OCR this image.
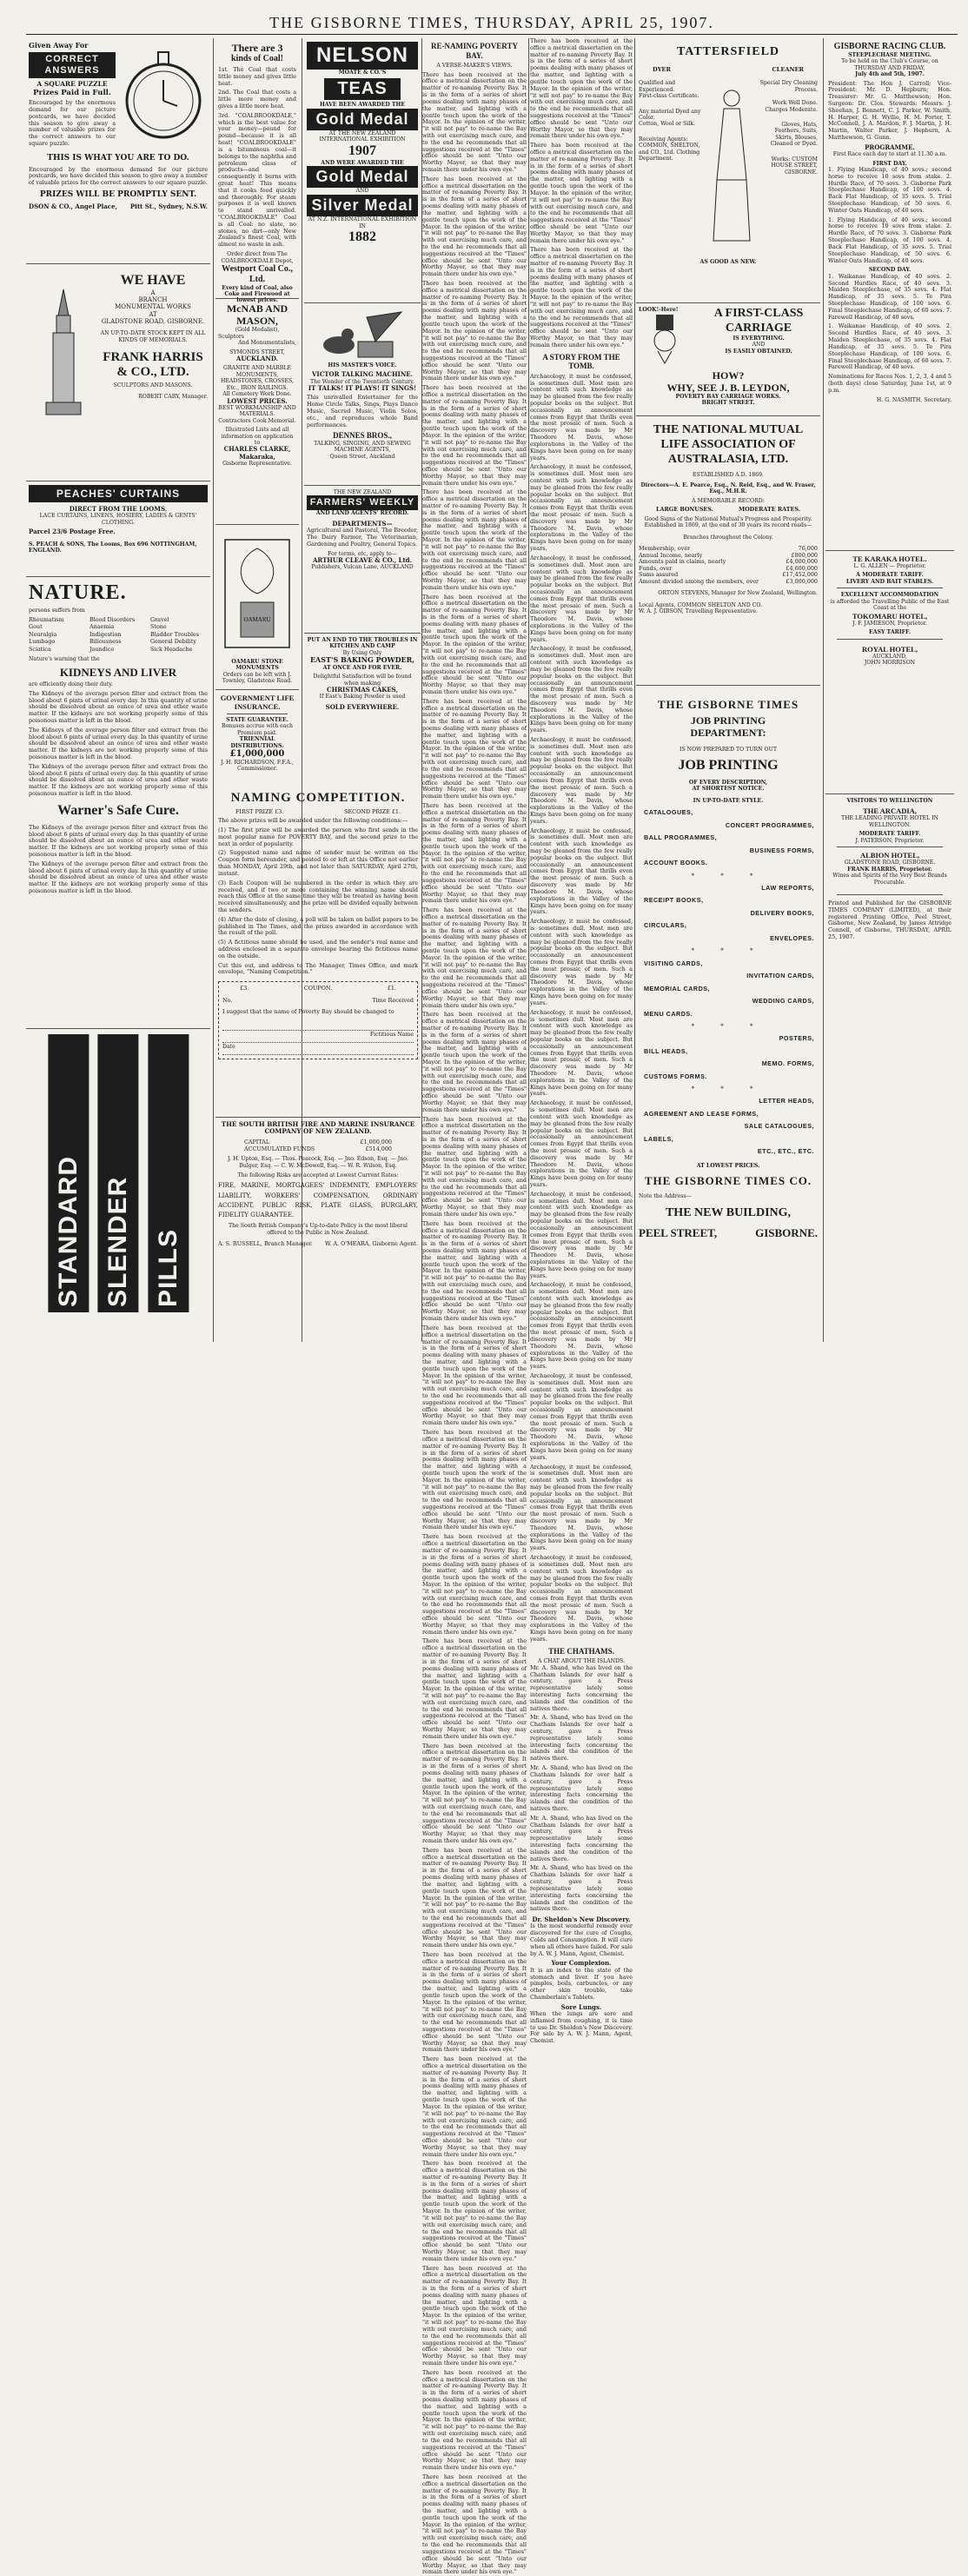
THE GISBORNE TIMES, THURSDAY, APRIL 25, 1907.
Given Away For
CORRECT ANSWERS
A SQUARE PUZZLE
Prizes Paid in Full.
Encouraged by the enormous demand for our picture postcards, we have decided this season to give away a number of valuable prizes for the correct answers to our square puzzle.
THIS IS WHAT YOU ARE TO DO.
Encouraged by the enormous demand for our picture postcards, we have decided this season to give away a number of valuable prizes for the correct answers to our square puzzle.
PRIZES WILL BE PROMPTLY SENT.
DSON & CO., Angel Place, Pitt St., Sydney, N.S.W.
WE HAVE
A
BRANCH
MONUMENTAL WORKS
AT
GLADSTONE ROAD, GISBORNE.
AN UP-TO-DATE STOCK KEPT IN ALL KINDS OF MEMORIALS.
FRANK HARRIS & CO., LTD.
SCULPTORS AND MASONS.
ROBERT CARY, Manager.
PEACHES' CURTAINS
DIRECT FROM THE LOOMS.
LACE CURTAINS, LINENS, HOSIERY, LADIES & GENTS' CLOTHING.
Parcel 23/6 Postage Free.
S. PEACH & SONS, The Looms, Box 696 NOTTINGHAM, ENGLAND.
NATURE.
persons suffers from
Rheumatism	Blood Disorders	Gravel
Gout	Anaemia	Stone
Neuralgia	Indigestion	Bladder Troubles
Lumbago	Biliousness	General Debility
Sciatica	Jaundice	Sick Headache
Nature's warning that the
KIDNEYS AND LIVER
are efficiently doing their duty.
The Kidneys of the average person filter and extract from the blood about 6 pints of urinal every day. In this quantity of urine should be dissolved about an ounce of urea and other waste matter. If the kidneys are not working properly some of this poisonous matter is left in the blood.
The Kidneys of the average person filter and extract from the blood about 6 pints of urinal every day. In this quantity of urine should be dissolved about an ounce of urea and other waste matter. If the kidneys are not working properly some of this poisonous matter is left in the blood.
The Kidneys of the average person filter and extract from the blood about 6 pints of urinal every day. In this quantity of urine should be dissolved about an ounce of urea and other waste matter. If the kidneys are not working properly some of this poisonous matter is left in the blood.
Warner's Safe Cure.
The Kidneys of the average person filter and extract from the blood about 6 pints of urinal every day. In this quantity of urine should be dissolved about an ounce of urea and other waste matter. If the kidneys are not working properly some of this poisonous matter is left in the blood.
The Kidneys of the average person filter and extract from the blood about 6 pints of urinal every day. In this quantity of urine should be dissolved about an ounce of urea and other waste matter. If the kidneys are not working properly some of this poisonous matter is left in the blood.
STANDARD SLENDER PILLS
There are 3
kinds of Coal!
1st. The Coal that costs little money and gives little heat.
2nd. The Coal that costs a little more money and gives a little more heat.
3rd. "COALBROOKDALE," which is the best value for your money—pound for pound—because it is all heat! "COALBROOKDALE" is a bituminous coal—it belongs to the naphtha and petroleum class of products—and consequently it burns with great heat! This means that it cooks food quickly and thoroughly. For steam purposes it is well known to stand unrivalled. "COALBROOKDALE" Coal is all Coal: no slate, no stones, no dirt—only New Zealand's finest Coal, with almost no waste in ash.
Order direct from The COALBROOKDALE Depot,
Westport Coal Co., Ltd.
Every kind of Coal, also Coke and Firewood at lowest prices.
McNAB AND MASON,
(Gold Medalist),
Sculptors
And Monumentalists,
SYMONDS STREET,
AUCKLAND.
GRANITE AND MARBLE MONUMENTS, HEADSTONES, CROSSES, Etc., IRON RAILINGS.
All Cemetery Work Done.
LOWEST PRICES.
BEST WORKMANSHIP AND MATERIALS.
Contractors Cook Memorial.
Illustrated Lists and all information on application to
CHARLES CLARKE, Makaraka,
Gisborne Representative.
OAMARU
OAMARU STONE MONUMENTS
Orders can be left with J. Townley, Gladstone Road.
GOVERNMENT LIFE INSURANCE.
STATE GUARANTEE.
Bonuses accrue with each Premium paid.
TRIENNIAL DISTRIBUTIONS.
£1,000,000
J. H. RICHARDSON, F.F.A., Commissioner.
NELSON
MOATE & CO.'S
TEAS
HAVE BEEN AWARDED THE
Gold Medal
AT THE NEW ZEALAND INTERNATIONAL EXHIBITION
1907
AND WERE AWARDED THE
Gold Medal
AND
Silver Medal
AT N.Z. INTERNATIONAL EXHIBITION IN
1882
HIS MASTER'S VOICE.
VICTOR TALKING MACHINE.
The Wonder of the Twentieth Century.
IT TALKS! IT PLAYS! IT SINGS!
This unrivalled Entertainer for the Home Circle Talks, Sings, Plays Dance Music, Sacred Music, Violin Solos, etc., and reproduces whole Band performances.
DENNES BROS.,
TALKING, SINGING, AND SEWING MACHINE AGENTS,
Queen Street, Auckland
THE NEW ZEALAND
FARMERS' WEEKLY
AND LAND AGENTS' RECORD.
DEPARTMENTS—
Agricultural and Pastoral, The Breeder, The Dairy Farmer, The Veterinarian, Gardening and Poultry, General Topics.
For terms, etc, apply to—
ARTHUR CLEAVE & CO., Ltd.
Publishers, Vulcan Lane, AUCKLAND
PUT AN END TO THE TROUBLES IN KITCHEN AND CAMP
By Using Only
EAST'S BAKING POWDER,
AT ONCE AND FOR EVER.
Delightful Satisfaction will be found when making
CHRISTMAS CAKES,
If East's Baking Powder is used
SOLD EVERYWHERE.
NAMING COMPETITION.
FIRST PRIZE £3.	SECOND PRIZE £1.
The above prizes will be awarded under the following conditions:—
(1) The first prize will be awarded the person who first sends in the most popular name for POVERTY BAY, and the second prize to the next in order of popularity.
(2) Suggested name and name of sender must be written on the Coupon form hereunder, and posted to or left at this Office not earlier than MONDAY, April 29th, and not later than SATURDAY, April 27th, instant.
(3) Each Coupon will be numbered in the order in which they are received, and if two or more containing the winning name should reach this Office at the same time they will be treated as having been received simultaneously, and the prize will be divided equally between the senders.
(4) After the date of closing, a poll will be taken on ballot papers to be published in The Times, and the prizes awarded in accordance with the result of the poll.
(5) A fictitious name should be used, and the sender's real name and address enclosed in a separate envelope bearing the fictitious name on the outside.
Cut this out, and address to The Manager, Times Office, and mark envelope, "Naming Competition."
£3.	COUPON.	£1.
No.	Time Received
I suggest that the name of Poverty Bay should be changed to
Fictitious Name
Date
THE SOUTH BRITISH FIRE AND MARINE INSURANCE COMPANY OF NEW ZEALAND.
CAPITAL	£1,000,000
ACCUMULATED FUNDS	£514,000
J. H. Upton, Esq. — Thos. Peacock, Esq. — Jno. Edson, Esq. — Jno. Bulger, Esq. — C. W. McDowell, Esq. — W. R. Wilson, Esq.
The following Risks are accepted at Lowest Current Rates:
FIRE, MARINE, MORTGAGEES' INDEMNITY, EMPLOYERS' LIABILITY, WORKERS' COMPENSATION, ORDINARY ACCIDENT, PUBLIC RISK, PLATE GLASS, BURGLARY, FIDELITY GUARANTEE.
The South British Company's Up-to-date Policy is the most liberal offered to the Public in New Zealand.
A. S. RUSSELL, Branch Manager. W. A. O'MEARA, Gisborne Agent.
RE-NAMING POVERTY BAY.
A VERSE-MAKER'S VIEWS.
There has been received at the office a metrical dissertation on the matter of re-naming Poverty Bay. It is in the form of a series of short poems dealing with many phases of the matter, and lighting with a gentle touch upon the work of the Mayor. In the opinion of the writer, "it will not pay" to re-name the Bay with out exercising much care, and to the end he recommends that all suggestions received at the "Times" office should be sent "Unto our Worthy Mayor, so that they may remain there under his own eye."
There has been received at the office a metrical dissertation on the matter of re-naming Poverty Bay. It is in the form of a series of short poems dealing with many phases of the matter, and lighting with a gentle touch upon the work of the Mayor. In the opinion of the writer, "it will not pay" to re-name the Bay with out exercising much care, and to the end he recommends that all suggestions received at the "Times" office should be sent "Unto our Worthy Mayor, so that they may remain there under his own eye."
There has been received at the office a metrical dissertation on the matter of re-naming Poverty Bay. It is in the form of a series of short poems dealing with many phases of the matter, and lighting with a gentle touch upon the work of the Mayor. In the opinion of the writer, "it will not pay" to re-name the Bay with out exercising much care, and to the end he recommends that all suggestions received at the "Times" office should be sent "Unto our Worthy Mayor, so that they may remain there under his own eye."
There has been received at the office a metrical dissertation on the matter of re-naming Poverty Bay. It is in the form of a series of short poems dealing with many phases of the matter, and lighting with a gentle touch upon the work of the Mayor. In the opinion of the writer, "it will not pay" to re-name the Bay with out exercising much care, and to the end he recommends that all suggestions received at the "Times" office should be sent "Unto our Worthy Mayor, so that they may remain there under his own eye."
There has been received at the office a metrical dissertation on the matter of re-naming Poverty Bay. It is in the form of a series of short poems dealing with many phases of the matter, and lighting with a gentle touch upon the work of the Mayor. In the opinion of the writer, "it will not pay" to re-name the Bay with out exercising much care, and to the end he recommends that all suggestions received at the "Times" office should be sent "Unto our Worthy Mayor, so that they may remain there under his own eye."
There has been received at the office a metrical dissertation on the matter of re-naming Poverty Bay. It is in the form of a series of short poems dealing with many phases of the matter, and lighting with a gentle touch upon the work of the Mayor. In the opinion of the writer, "it will not pay" to re-name the Bay with out exercising much care, and to the end he recommends that all suggestions received at the "Times" office should be sent "Unto our Worthy Mayor, so that they may remain there under his own eye."
There has been received at the office a metrical dissertation on the matter of re-naming Poverty Bay. It is in the form of a series of short poems dealing with many phases of the matter, and lighting with a gentle touch upon the work of the Mayor. In the opinion of the writer, "it will not pay" to re-name the Bay with out exercising much care, and to the end he recommends that all suggestions received at the "Times" office should be sent "Unto our Worthy Mayor, so that they may remain there under his own eye."
There has been received at the office a metrical dissertation on the matter of re-naming Poverty Bay. It is in the form of a series of short poems dealing with many phases of the matter, and lighting with a gentle touch upon the work of the Mayor. In the opinion of the writer, "it will not pay" to re-name the Bay with out exercising much care, and to the end he recommends that all suggestions received at the "Times" office should be sent "Unto our Worthy Mayor, so that they may remain there under his own eye."
There has been received at the office a metrical dissertation on the matter of re-naming Poverty Bay. It is in the form of a series of short poems dealing with many phases of the matter, and lighting with a gentle touch upon the work of the Mayor. In the opinion of the writer, "it will not pay" to re-name the Bay with out exercising much care, and to the end he recommends that all suggestions received at the "Times" office should be sent "Unto our Worthy Mayor, so that they may remain there under his own eye."
There has been received at the office a metrical dissertation on the matter of re-naming Poverty Bay. It is in the form of a series of short poems dealing with many phases of the matter, and lighting with a gentle touch upon the work of the Mayor. In the opinion of the writer, "it will not pay" to re-name the Bay with out exercising much care, and to the end he recommends that all suggestions received at the "Times" office should be sent "Unto our Worthy Mayor, so that they may remain there under his own eye."
There has been received at the office a metrical dissertation on the matter of re-naming Poverty Bay. It is in the form of a series of short poems dealing with many phases of the matter, and lighting with a gentle touch upon the work of the Mayor. In the opinion of the writer, "it will not pay" to re-name the Bay with out exercising much care, and to the end he recommends that all suggestions received at the "Times" office should be sent "Unto our Worthy Mayor, so that they may remain there under his own eye."
There has been received at the office a metrical dissertation on the matter of re-naming Poverty Bay. It is in the form of a series of short poems dealing with many phases of the matter, and lighting with a gentle touch upon the work of the Mayor. In the opinion of the writer, "it will not pay" to re-name the Bay with out exercising much care, and to the end he recommends that all suggestions received at the "Times" office should be sent "Unto our Worthy Mayor, so that they may remain there under his own eye."
There has been received at the office a metrical dissertation on the matter of re-naming Poverty Bay. It is in the form of a series of short poems dealing with many phases of the matter, and lighting with a gentle touch upon the work of the Mayor. In the opinion of the writer, "it will not pay" to re-name the Bay with out exercising much care, and to the end he recommends that all suggestions received at the "Times" office should be sent "Unto our Worthy Mayor, so that they may remain there under his own eye."
There has been received at the office a metrical dissertation on the matter of re-naming Poverty Bay. It is in the form of a series of short poems dealing with many phases of the matter, and lighting with a gentle touch upon the work of the Mayor. In the opinion of the writer, "it will not pay" to re-name the Bay with out exercising much care, and to the end he recommends that all suggestions received at the "Times" office should be sent "Unto our Worthy Mayor, so that they may remain there under his own eye."
There has been received at the office a metrical dissertation on the matter of re-naming Poverty Bay. It is in the form of a series of short poems dealing with many phases of the matter, and lighting with a gentle touch upon the work of the Mayor. In the opinion of the writer, "it will not pay" to re-name the Bay with out exercising much care, and to the end he recommends that all suggestions received at the "Times" office should be sent "Unto our Worthy Mayor, so that they may remain there under his own eye."
There has been received at the office a metrical dissertation on the matter of re-naming Poverty Bay. It is in the form of a series of short poems dealing with many phases of the matter, and lighting with a gentle touch upon the work of the Mayor. In the opinion of the writer, "it will not pay" to re-name the Bay with out exercising much care, and to the end he recommends that all suggestions received at the "Times" office should be sent "Unto our Worthy Mayor, so that they may remain there under his own eye."
There has been received at the office a metrical dissertation on the matter of re-naming Poverty Bay. It is in the form of a series of short poems dealing with many phases of the matter, and lighting with a gentle touch upon the work of the Mayor. In the opinion of the writer, "it will not pay" to re-name the Bay with out exercising much care, and to the end he recommends that all suggestions received at the "Times" office should be sent "Unto our Worthy Mayor, so that they may remain there under his own eye."
There has been received at the office a metrical dissertation on the matter of re-naming Poverty Bay. It is in the form of a series of short poems dealing with many phases of the matter, and lighting with a gentle touch upon the work of the Mayor. In the opinion of the writer, "it will not pay" to re-name the Bay with out exercising much care, and to the end he recommends that all suggestions received at the "Times" office should be sent "Unto our Worthy Mayor, so that they may remain there under his own eye."
There has been received at the office a metrical dissertation on the matter of re-naming Poverty Bay. It is in the form of a series of short poems dealing with many phases of the matter, and lighting with a gentle touch upon the work of the Mayor. In the opinion of the writer, "it will not pay" to re-name the Bay with out exercising much care, and to the end he recommends that all suggestions received at the "Times" office should be sent "Unto our Worthy Mayor, so that they may remain there under his own eye."
There has been received at the office a metrical dissertation on the matter of re-naming Poverty Bay. It is in the form of a series of short poems dealing with many phases of the matter, and lighting with a gentle touch upon the work of the Mayor. In the opinion of the writer, "it will not pay" to re-name the Bay with out exercising much care, and to the end he recommends that all suggestions received at the "Times" office should be sent "Unto our Worthy Mayor, so that they may remain there under his own eye."
There has been received at the office a metrical dissertation on the matter of re-naming Poverty Bay. It is in the form of a series of short poems dealing with many phases of the matter, and lighting with a gentle touch upon the work of the Mayor. In the opinion of the writer, "it will not pay" to re-name the Bay with out exercising much care, and to the end he recommends that all suggestions received at the "Times" office should be sent "Unto our Worthy Mayor, so that they may remain there under his own eye."
There has been received at the office a metrical dissertation on the matter of re-naming Poverty Bay. It is in the form of a series of short poems dealing with many phases of the matter, and lighting with a gentle touch upon the work of the Mayor. In the opinion of the writer, "it will not pay" to re-name the Bay with out exercising much care, and to the end he recommends that all suggestions received at the "Times" office should be sent "Unto our Worthy Mayor, so that they may remain there under his own eye."
There has been received at the office a metrical dissertation on the matter of re-naming Poverty Bay. It is in the form of a series of short poems dealing with many phases of the matter, and lighting with a gentle touch upon the work of the Mayor. In the opinion of the writer, "it will not pay" to re-name the Bay with out exercising much care, and to the end he recommends that all suggestions received at the "Times" office should be sent "Unto our Worthy Mayor, so that they may remain there under his own eye."
There has been received at the office a metrical dissertation on the matter of re-naming Poverty Bay. It is in the form of a series of short poems dealing with many phases of the matter, and lighting with a gentle touch upon the work of the Mayor. In the opinion of the writer, "it will not pay" to re-name the Bay with out exercising much care, and to the end he recommends that all suggestions received at the "Times" office should be sent "Unto our Worthy Mayor, so that they may remain there under his own eye."
There has been received at the office a metrical dissertation on the matter of re-naming Poverty Bay. It is in the form of a series of short poems dealing with many phases of the matter, and lighting with a gentle touch upon the work of the Mayor. In the opinion of the writer, "it will not pay" to re-name the Bay with out exercising much care, and to the end he recommends that all suggestions received at the "Times" office should be sent "Unto our Worthy Mayor, so that they may remain there under his own eye."
There has been received at the office a metrical dissertation on the matter of re-naming Poverty Bay. It is in the form of a series of short poems dealing with many phases of the matter, and lighting with a gentle touch upon the work of the Mayor. In the opinion of the writer, "it will not pay" to re-name the Bay with out exercising much care, and to the end he recommends that all suggestions received at the "Times" office should be sent "Unto our Worthy Mayor, so that they may remain there under his own eye."
There has been received at the office a metrical dissertation on the matter of re-naming Poverty Bay. It is in the form of a series of short poems dealing with many phases of the matter, and lighting with a gentle touch upon the work of the Mayor. In the opinion of the writer, "it will not pay" to re-name the Bay with out exercising much care, and to the end he recommends that all suggestions received at the "Times" office should be sent "Unto our Worthy Mayor, so that they may remain there under his own eye."
A STORY FROM THE TOMB.
Archaeology, it must be confessed, is sometimes dull. Most men are content with such knowledge as may be gleaned from the few really popular books on the subject. But occasionally an announcement comes from Egypt that thrills even the most prosaic of men. Such a discovery was made by Mr Theodore M. Davis, whose explorations in the Valley of the Kings have been going on for many years.
Archaeology, it must be confessed, is sometimes dull. Most men are content with such knowledge as may be gleaned from the few really popular books on the subject. But occasionally an announcement comes from Egypt that thrills even the most prosaic of men. Such a discovery was made by Mr Theodore M. Davis, whose explorations in the Valley of the Kings have been going on for many years.
Archaeology, it must be confessed, is sometimes dull. Most men are content with such knowledge as may be gleaned from the few really popular books on the subject. But occasionally an announcement comes from Egypt that thrills even the most prosaic of men. Such a discovery was made by Mr Theodore M. Davis, whose explorations in the Valley of the Kings have been going on for many years.
Archaeology, it must be confessed, is sometimes dull. Most men are content with such knowledge as may be gleaned from the few really popular books on the subject. But occasionally an announcement comes from Egypt that thrills even the most prosaic of men. Such a discovery was made by Mr Theodore M. Davis, whose explorations in the Valley of the Kings have been going on for many years.
Archaeology, it must be confessed, is sometimes dull. Most men are content with such knowledge as may be gleaned from the few really popular books on the subject. But occasionally an announcement comes from Egypt that thrills even the most prosaic of men. Such a discovery was made by Mr Theodore M. Davis, whose explorations in the Valley of the Kings have been going on for many years.
Archaeology, it must be confessed, is sometimes dull. Most men are content with such knowledge as may be gleaned from the few really popular books on the subject. But occasionally an announcement comes from Egypt that thrills even the most prosaic of men. Such a discovery was made by Mr Theodore M. Davis, whose explorations in the Valley of the Kings have been going on for many years.
Archaeology, it must be confessed, is sometimes dull. Most men are content with such knowledge as may be gleaned from the few really popular books on the subject. But occasionally an announcement comes from Egypt that thrills even the most prosaic of men. Such a discovery was made by Mr Theodore M. Davis, whose explorations in the Valley of the Kings have been going on for many years.
Archaeology, it must be confessed, is sometimes dull. Most men are content with such knowledge as may be gleaned from the few really popular books on the subject. But occasionally an announcement comes from Egypt that thrills even the most prosaic of men. Such a discovery was made by Mr Theodore M. Davis, whose explorations in the Valley of the Kings have been going on for many years.
Archaeology, it must be confessed, is sometimes dull. Most men are content with such knowledge as may be gleaned from the few really popular books on the subject. But occasionally an announcement comes from Egypt that thrills even the most prosaic of men. Such a discovery was made by Mr Theodore M. Davis, whose explorations in the Valley of the Kings have been going on for many years.
Archaeology, it must be confessed, is sometimes dull. Most men are content with such knowledge as may be gleaned from the few really popular books on the subject. But occasionally an announcement comes from Egypt that thrills even the most prosaic of men. Such a discovery was made by Mr Theodore M. Davis, whose explorations in the Valley of the Kings have been going on for many years.
Archaeology, it must be confessed, is sometimes dull. Most men are content with such knowledge as may be gleaned from the few really popular books on the subject. But occasionally an announcement comes from Egypt that thrills even the most prosaic of men. Such a discovery was made by Mr Theodore M. Davis, whose explorations in the Valley of the Kings have been going on for many years.
Archaeology, it must be confessed, is sometimes dull. Most men are content with such knowledge as may be gleaned from the few really popular books on the subject. But occasionally an announcement comes from Egypt that thrills even the most prosaic of men. Such a discovery was made by Mr Theodore M. Davis, whose explorations in the Valley of the Kings have been going on for many years.
Archaeology, it must be confessed, is sometimes dull. Most men are content with such knowledge as may be gleaned from the few really popular books on the subject. But occasionally an announcement comes from Egypt that thrills even the most prosaic of men. Such a discovery was made by Mr Theodore M. Davis, whose explorations in the Valley of the Kings have been going on for many years.
Archaeology, it must be confessed, is sometimes dull. Most men are content with such knowledge as may be gleaned from the few really popular books on the subject. But occasionally an announcement comes from Egypt that thrills even the most prosaic of men. Such a discovery was made by Mr Theodore M. Davis, whose explorations in the Valley of the Kings have been going on for many years.
THE CHATHAMS.
A CHAT ABOUT THE ISLANDS.
Mr. A. Shand, who has lived on the Chatham Islands for over half a century, gave a Press representative lately some interesting facts concerning the islands and the condition of the natives there.
Mr. A. Shand, who has lived on the Chatham Islands for over half a century, gave a Press representative lately some interesting facts concerning the islands and the condition of the natives there.
Mr. A. Shand, who has lived on the Chatham Islands for over half a century, gave a Press representative lately some interesting facts concerning the islands and the condition of the natives there.
Mr. A. Shand, who has lived on the Chatham Islands for over half a century, gave a Press representative lately some interesting facts concerning the islands and the condition of the natives there.
Mr. A. Shand, who has lived on the Chatham Islands for over half a century, gave a Press representative lately some interesting facts concerning the islands and the condition of the natives there.
Dr. Sheldon's New Discovery.
Is the most wonderful remedy ever discovered for the cure of Coughs, Colds and Consumption. It will cure when all others have failed. For sale by A. W. J. Mann, Agent, Chemist.
Your Complexion.
It is an index to the state of the stomach and liver. If you have pimples, boils, carbuncles, or any other skin trouble, take Chamberlain's Tablets.
Sore Lungs.
When the lungs are sore and inflamed from coughing, it is time to use Dr. Sheldon's New Discovery. For sale by A. W. J. Mann, Agent, Chemist.
TATTERSFIELD
DYER	CLEANER
Qualified and Experienced.
First-class Certificate.
Any material Dyed any Color.
Cotton, Wool or Silk.
Receiving Agents:
COMMON, SHELTON, and CO., Ltd. Clothing Department.
Special Dry Cleaning Process.
Work Well Done. Charges Moderate.
Gloves, Hats, Feathers, Suits, Skirts, Blouses, Cleaned or Dyed.
Works: CUSTOM HOUSE STREET, GISBORNE.
AS GOOD AS NEW.
LOOK!-Here!	A FIRST-CLASS
CARRIAGE
IS EVERYTHING.
AND
IS EASILY OBTAINED.
HOW?
WHY, SEE J. B. LEYDON,
POVERTY BAY CARRIAGE WORKS.
BRIGHT STREET.
THE NATIONAL MUTUAL LIFE ASSOCIATION OF AUSTRALASIA, LTD.
ESTABLISHED A.D. 1869.
Directors—A. E. Pearce, Esq., N. Reid, Esq., and W. Fraser, Esq., M.H.R.
A MEMORABLE RECORD:
LARGE BONUSES.	MODERATE RATES.
Good Signs of the National Mutual's Progress and Prosperity. Established in 1869, at the end of 30 years its record reads—
Branches throughout the Colony.
Membership, over	76,000
Annual Income, nearly	£800,000
Amounts paid in claims, nearly	£4,000,000
Funds, over	£4,600,000
Sums assured	£17,452,000
Amount divided among the members, over	£3,000,000
ORTON STEVENS, Manager for New Zealand, Wellington.
Local Agents, COMMON SHELTON AND CO.
W. A. J. GIBSON, Travelling Representative.
THE GISBORNE TIMES
JOB PRINTING
DEPARTMENT:
IS NOW PREPARED TO TURN OUT
JOB PRINTING
OF EVERY DESCRIPTION,
AT SHORTEST NOTICE.
IN UP-TO-DATE STYLE.
CATALOGUES,
CONCERT PROGRAMMES,
BALL PROGRAMMES,
BUSINESS FORMS,
ACCOUNT BOOKS.
* * *
LAW REPORTS,
RECEIPT BOOKS,
DELIVERY BOOKS,
CIRCULARS,
ENVELOPES.
* * *
VISITING CARDS,
INVITATION CARDS,
MEMORIAL CARDS,
WEDDING CARDS,
MENU CARDS.
* * *
POSTERS,
BILL HEADS,
MEMO. FORMS,
CUSTOMS FORMS.
* * *
LETTER HEADS,
AGREEMENT AND LEASE FORMS,
SALE CATALOGUES,
LABELS,
ETC., ETC., ETC.
AT LOWEST PRICES.
THE GISBORNE TIMES CO.
Note the Address—
THE NEW BUILDING,
PEEL STREET,	GISBORNE.
GISBORNE RACING CLUB.
STEEPLECHASE MEETING.
To be held on the Club's Course, on THURSDAY AND FRIDAY,
July 4th and 5th, 1907.
President: The Hon J. Carroll; Vice-President: Mr. D. Hepburn; Hon. Treasurer: Mr. G. Matthewson; Hon. Surgeon: Dr. Clos. Stewards: Messrs. J. Sheehan, J. Bennett, C. J. Parker, W. Smith, H. Harper, G. H. Wyllie, H. M. Porter, T. McConnell, J. A. Mardon, F. J. Martin, J. H. Martin, Walter Parker, J. Hepburn, A. Matthewson, G. Gunn.
PROGRAMME.
First Race each day to start at 11.30 a.m.
FIRST DAY.
1. Flying Handicap, of 40 sovs.; second horse to receive 10 sovs from stake. 2. Hurdle Race, of 70 sovs. 3. Gisborne Park Steeplechase Handicap, of 100 sovs. 4. Back Flat Handicap, of 35 sovs. 5. Trial Steeplechase Handicap, of 50 sovs. 6. Winter Oats Handicap, of 40 sovs.
1. Flying Handicap, of 40 sovs.; second horse to receive 10 sovs from stake. 2. Hurdle Race, of 70 sovs. 3. Gisborne Park Steeplechase Handicap, of 100 sovs. 4. Back Flat Handicap, of 35 sovs. 5. Trial Steeplechase Handicap, of 50 sovs. 6. Winter Oats Handicap, of 40 sovs.
SECOND DAY.
1. Waikanae Handicap, of 40 sovs. 2. Second Hurdles Race, of 40 sovs. 3. Maiden Steeplechase, of 35 sovs. 4. Flat Handicap, of 35 sovs. 5. Te Pira Steeplechase Handicap, of 100 sovs. 6. Final Steeplechase Handicap, of 60 sovs. 7. Farewell Handicap, of 40 sovs.
1. Waikanae Handicap, of 40 sovs. 2. Second Hurdles Race, of 40 sovs. 3. Maiden Steeplechase, of 35 sovs. 4. Flat Handicap, of 35 sovs. 5. Te Pira Steeplechase Handicap, of 100 sovs. 6. Final Steeplechase Handicap, of 60 sovs. 7. Farewell Handicap, of 40 sovs.
Nominations for Races Nos. 1, 2, 3, 4 and 5 (both days) close Saturday, June 1st, at 9 p.m.
H. G. NASMITH, Secretary.
TE KARAKA HOTEL.
L. G. ALLEN — Proprietor.
A MODERATE TARIFF.
LIVERY AND BAIT STABLES.
EXCELLENT ACCOMMODATION
is afforded the Travelling Public of the East Coast at the
TOKOMARU HOTEL,
J. F. JAMIESON, Proprietor.
EASY TARIFF.
ROYAL HOTEL,
AUCKLAND,
JOHN MORRISON
VISITORS TO WELLINGTON
THE ARCADIA,
THE LEADING PRIVATE HOTEL IN WELLINGTON.
MODERATE TARIFF.
J. PATERSON, Proprietor.
ALBION HOTEL,
GLADSTONE ROAD, GISBORNE.
FRANK HARRIS, Proprietor.
Wines and Spirits of the Very Best Brands Procurable.
Printed and Published for the GISBORNE TIMES COMPANY (LIMITED), at their registered Printing Office, Peel Street, Gisborne, New Zealand, by James Attridge Connell, of Gisborne, THURSDAY, APRIL 25, 1907.
